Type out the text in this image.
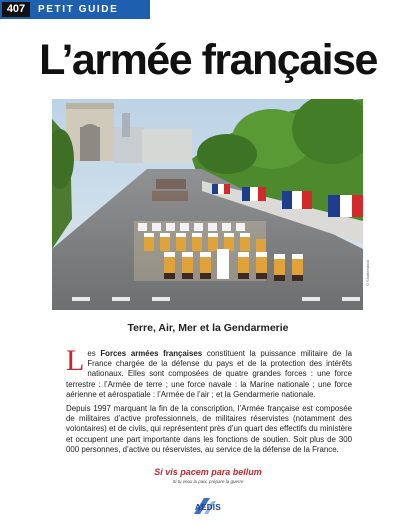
407	PETIT GUIDE
L’armée française
© Shutterstock
Terre, Air, Mer et la Gendarmerie

Les Forces armées françaises constituent la puissance militaire de la France chargée de la défense du pays et de la protection des intérêts nationaux. Elles sont composées de quatre grandes forces : une force terrestre : l’Armée de terre ; une force navale : la Marine nationale ; une force aérienne et aérospatiale : l’Armée de l’air ; et la Gendarmerie nationale.

Depuis 1997 marquant la fin de la conscription, l’Armée française est composée de militaires d’active professionnels, de militaires réservistes (notamment des volontaires) et de civils, qui représentent près d’un quart des effectifs du ministère et occupent une part importante dans les fonctions de soutien. Soit plus de 300 000 personnes, d’active ou réservistes, au service de la défense de la France.

Si vis pacem para bellum
Si tu veux la paix, prépare la guerre
AEDIS
